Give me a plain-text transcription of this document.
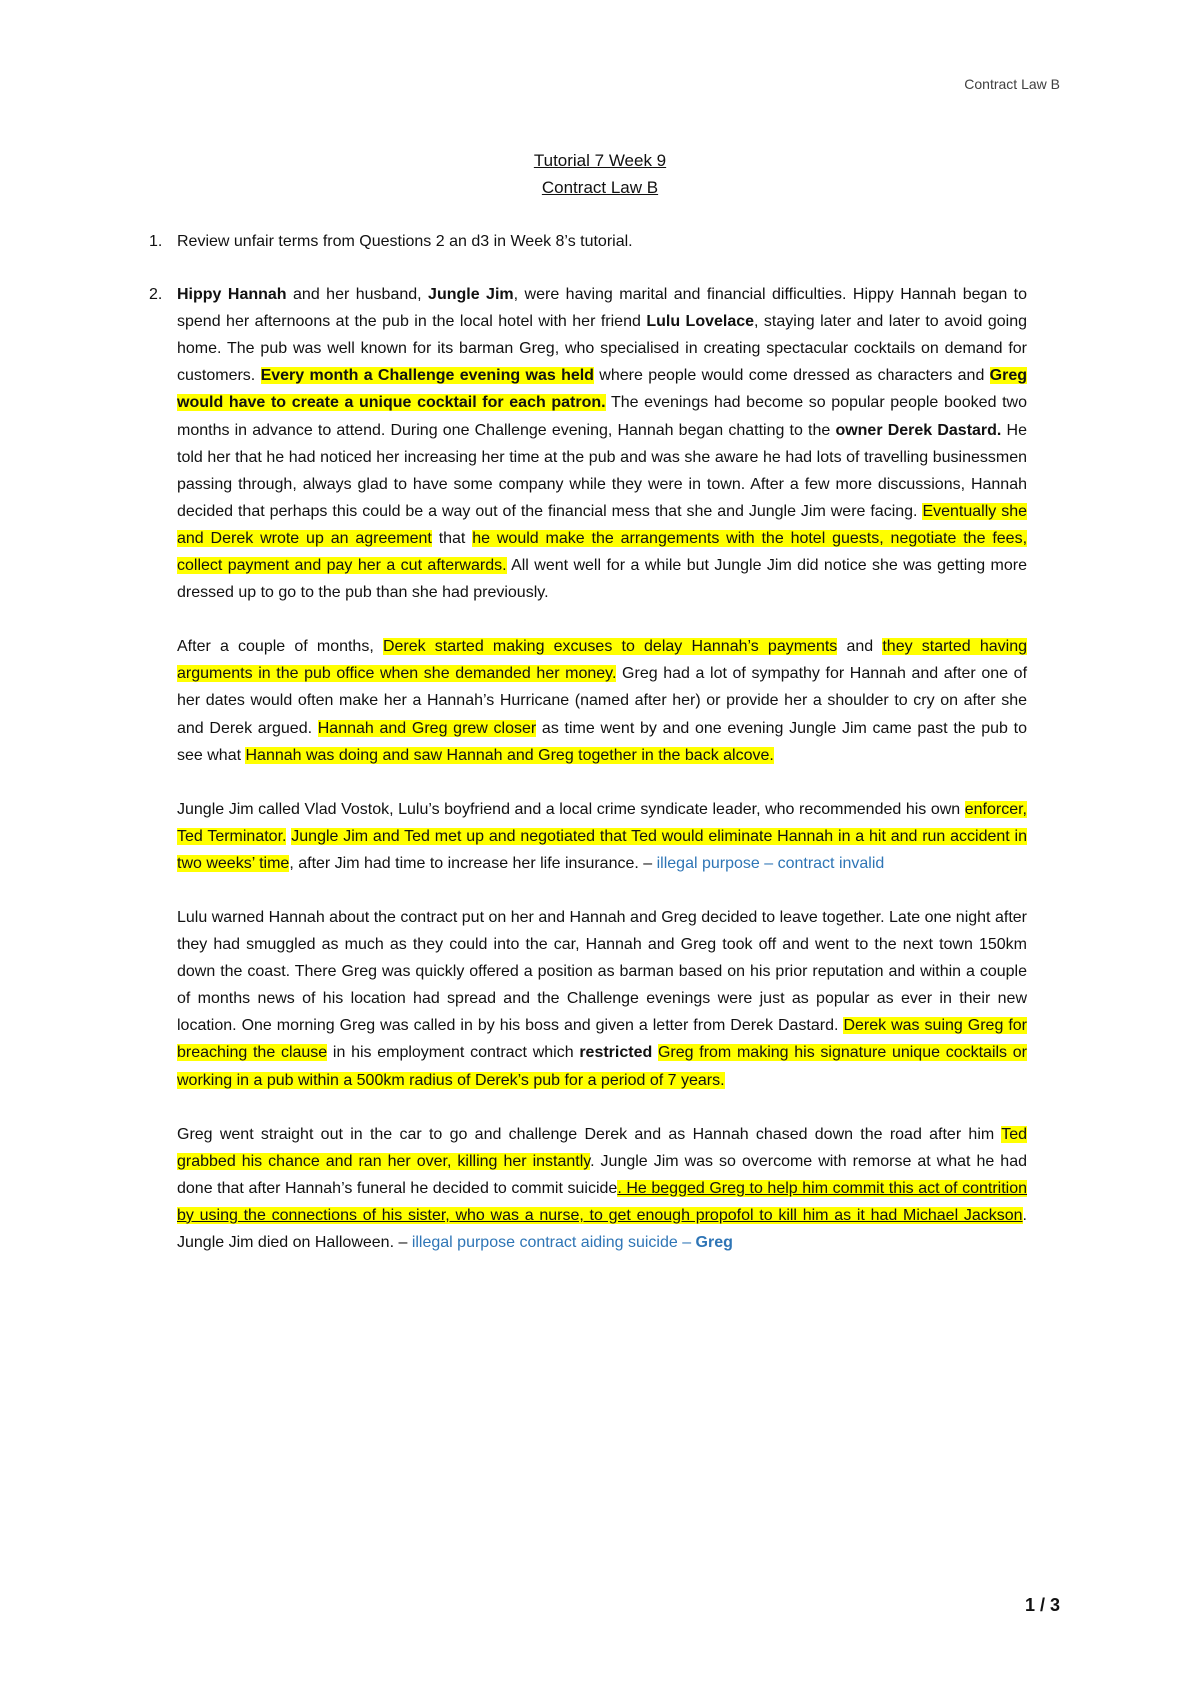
Contract Law B
Tutorial 7 Week 9
Contract Law B
1. Review unfair terms from Questions 2 an d3 in Week 8’s tutorial.
2. Hippy Hannah and her husband, Jungle Jim, were having marital and financial difficulties. Hippy Hannah began to spend her afternoons at the pub in the local hotel with her friend Lulu Lovelace, staying later and later to avoid going home. The pub was well known for its barman Greg, who specialised in creating spectacular cocktails on demand for customers. Every month a Challenge evening was held where people would come dressed as characters and Greg would have to create a unique cocktail for each patron. The evenings had become so popular people booked two months in advance to attend. During one Challenge evening, Hannah began chatting to the owner Derek Dastard. He told her that he had noticed her increasing her time at the pub and was she aware he had lots of travelling businessmen passing through, always glad to have some company while they were in town. After a few more discussions, Hannah decided that perhaps this could be a way out of the financial mess that she and Jungle Jim were facing. Eventually she and Derek wrote up an agreement that he would make the arrangements with the hotel guests, negotiate the fees, collect payment and pay her a cut afterwards. All went well for a while but Jungle Jim did notice she was getting more dressed up to go to the pub than she had previously.

After a couple of months, Derek started making excuses to delay Hannah’s payments and they started having arguments in the pub office when she demanded her money. Greg had a lot of sympathy for Hannah and after one of her dates would often make her a Hannah’s Hurricane (named after her) or provide her a shoulder to cry on after she and Derek argued. Hannah and Greg grew closer as time went by and one evening Jungle Jim came past the pub to see what Hannah was doing and saw Hannah and Greg together in the back alcove.

Jungle Jim called Vlad Vostok, Lulu’s boyfriend and a local crime syndicate leader, who recommended his own enforcer, Ted Terminator. Jungle Jim and Ted met up and negotiated that Ted would eliminate Hannah in a hit and run accident in two weeks’ time, after Jim had time to increase her life insurance. – illegal purpose – contract invalid

Lulu warned Hannah about the contract put on her and Hannah and Greg decided to leave together. Late one night after they had smuggled as much as they could into the car, Hannah and Greg took off and went to the next town 150km down the coast. There Greg was quickly offered a position as barman based on his prior reputation and within a couple of months news of his location had spread and the Challenge evenings were just as popular as ever in their new location. One morning Greg was called in by his boss and given a letter from Derek Dastard. Derek was suing Greg for breaching the clause in his employment contract which restricted Greg from making his signature unique cocktails or working in a pub within a 500km radius of Derek’s pub for a period of 7 years.

Greg went straight out in the car to go and challenge Derek and as Hannah chased down the road after him Ted grabbed his chance and ran her over, killing her instantly. Jungle Jim was so overcome with remorse at what he had done that after Hannah’s funeral he decided to commit suicide. He begged Greg to help him commit this act of contrition by using the connections of his sister, who was a nurse, to get enough propofol to kill him as it had Michael Jackson. Jungle Jim died on Halloween. – illegal purpose contract aiding suicide – Greg

1 / 3
